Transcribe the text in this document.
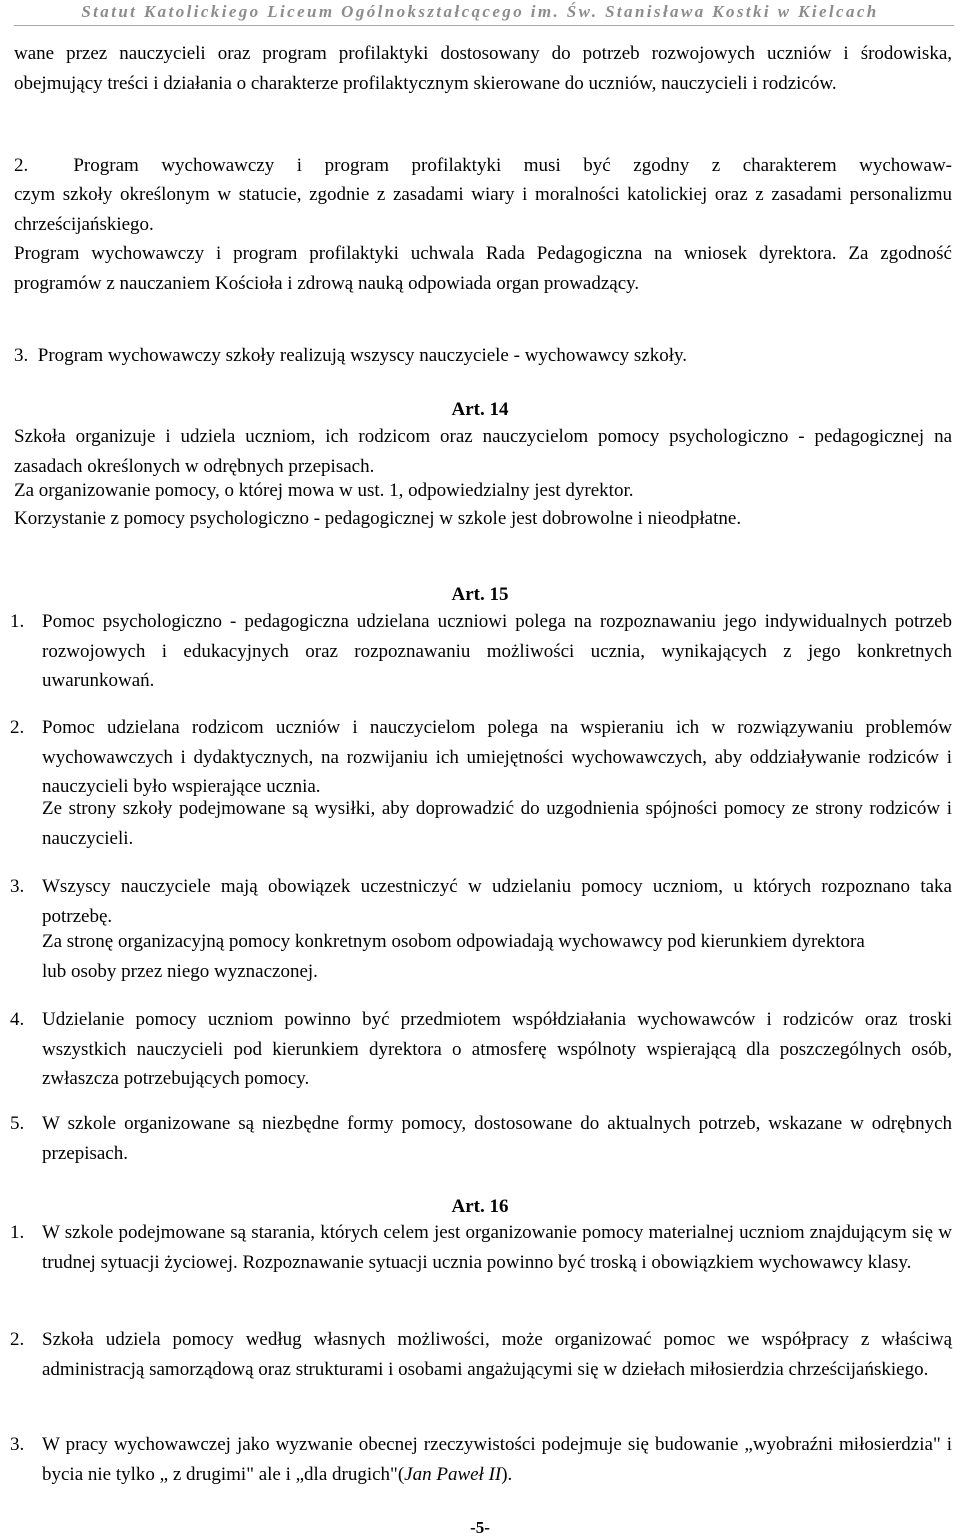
Statut Katolickiego Liceum Ogólnokształcącego im. Św. Stanisława Kostki w Kielcach
wane przez nauczycieli oraz program profilaktyki dostosowany do potrzeb rozwojowych uczniów i środowiska, obejmujący treści i działania o charakterze profilaktycznym skierowane do uczniów, nauczycieli i rodziców.
2. Program wychowawczy i program profilaktyki musi być zgodny z charakterem wychowaw-
czym szkoły określonym w statucie, zgodnie z zasadami wiary i moralności katolickiej oraz z zasadami personalizmu chrześcijańskiego.
Program wychowawczy i program profilaktyki uchwala Rada Pedagogiczna na wniosek dyrektora. Za zgodność programów z nauczaniem Kościoła i zdrową nauką odpowiada organ prowadzący.
3. Program wychowawczy szkoły realizują wszyscy nauczyciele - wychowawcy szkoły.
Art. 14
Szkoła organizuje i udziela uczniom, ich rodzicom oraz nauczycielom pomocy psychologiczno - pedagogicznej na zasadach określonych w odrębnych przepisach.
Za organizowanie pomocy, o której mowa w ust. 1, odpowiedzialny jest dyrektor.
Korzystanie z pomocy psychologiczno - pedagogicznej w szkole jest dobrowolne i nieodpłatne.
Art. 15
1. Pomoc psychologiczno - pedagogiczna udzielana uczniowi polega na rozpoznawaniu jego indywidualnych potrzeb rozwojowych i edukacyjnych oraz rozpoznawaniu możliwości ucznia, wynikających z jego konkretnych uwarunkowań.
2. Pomoc udzielana rodzicom uczniów i nauczycielom polega na wspieraniu ich w rozwiązywaniu problemów wychowawczych i dydaktycznych, na rozwijaniu ich umiejętności wychowawczych, aby oddziaływanie rodziców i nauczycieli było wspierające ucznia.
Ze strony szkoły podejmowane są wysiłki, aby doprowadzić do uzgodnienia spójności pomocy ze strony rodziców i nauczycieli.
3. Wszyscy nauczyciele mają obowiązek uczestniczyć w udzielaniu pomocy uczniom, u których rozpoznano taka potrzebę.
Za stronę organizacyjną pomocy konkretnym osobom odpowiadają wychowawcy pod kierunkiem dyrektora lub osoby przez niego wyznaczonej.
4. Udzielanie pomocy uczniom powinno być przedmiotem współdziałania wychowawców i rodziców oraz troski wszystkich nauczycieli pod kierunkiem dyrektora o atmosferę wspólnoty wspierającą dla poszczególnych osób, zwłaszcza potrzebujących pomocy.
5. W szkole organizowane są niezbędne formy pomocy, dostosowane do aktualnych potrzeb, wskazane w odrębnych przepisach.
Art. 16
1. W szkole podejmowane są starania, których celem jest organizowanie pomocy materialnej uczniom znajdującym się w trudnej sytuacji życiowej. Rozpoznawanie sytuacji ucznia powinno być troską i obowiązkiem wychowawcy klasy.
2. Szkoła udziela pomocy według własnych możliwości, może organizować pomoc we współpracy z właściwą administracją samorządową oraz strukturami i osobami angażującymi się w dziełach miłosierdzia chrześcijańskiego.
3. W pracy wychowawczej jako wyzwanie obecnej rzeczywistości podejmuje się budowanie „wyobraźni miłosierdzia" i bycia nie tylko „ z drugimi" ale i „dla drugich"(Jan Paweł II).
-5-
